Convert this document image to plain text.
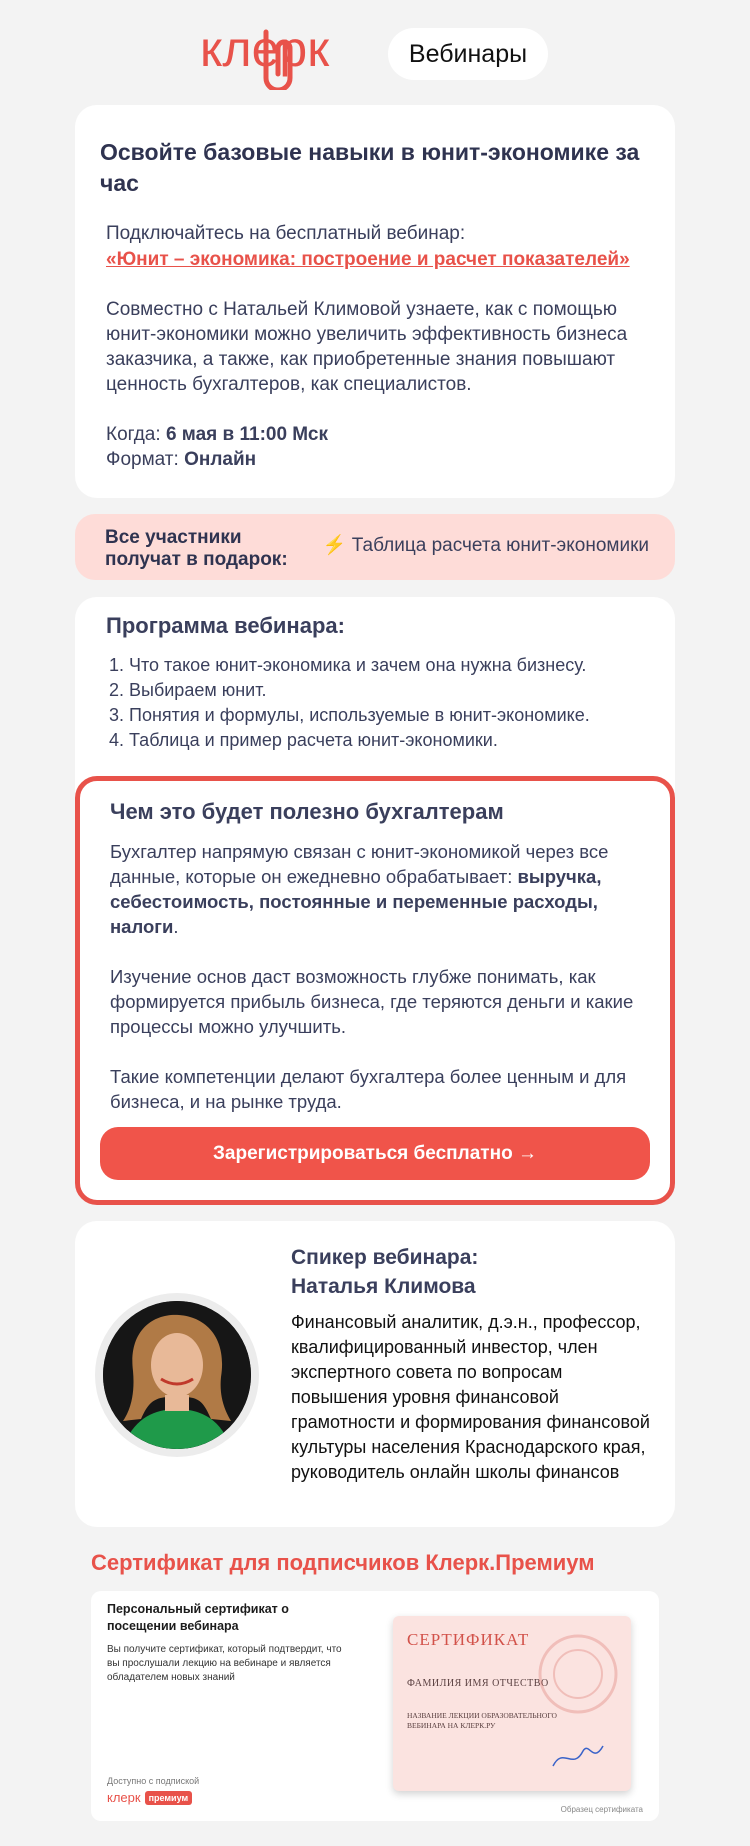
клерк	Вебинары
Освойте базовые навыки в юнит-экономике за час
Подключайтесь на бесплатный вебинар:
«Юнит – экономика: построение и расчет показателей»
Совместно с Натальей Климовой узнаете, как с помощью юнит-экономики можно увеличить эффективность бизнеса заказчика, а также, как приобретенные знания повышают ценность бухгалтеров, как специалистов.
Когда: 6 мая в 11:00 Мск
Формат: Онлайн
Все участники
получат в подарок:
⚡ Таблица расчета юнит-экономики
Программа вебинара:
1. Что такое юнит-экономика и зачем она нужна бизнесу.
2. Выбираем юнит.
3. Понятия и формулы, используемые в юнит-экономике.
4. Таблица и пример расчета юнит-экономики.
Чем это будет полезно бухгалтерам
Бухгалтер напрямую связан с юнит-экономикой через все данные, которые он ежедневно обрабатывает: выручка, себестоимость, постоянные и переменные расходы, налоги.
Изучение основ даст возможность глубже понимать, как формируется прибыль бизнеса, где теряются деньги и какие процессы можно улучшить.
Такие компетенции делают бухгалтера более ценным и для бизнеса, и на рынке труда.
Зарегистрироваться бесплатно →
Спикер вебинара:
Наталья Климова
Финансовый аналитик, д.э.н., профессор, квалифицированный инвестор, член экспертного совета по вопросам повышения уровня финансовой грамотности и формирования финансовой культуры населения Краснодарского края, руководитель онлайн школы финансов
Сертификат для подписчиков Клерк.Премиум
Персональный сертификат о посещении вебинара
Вы получите сертификат, который подтвердит, что вы прослушали лекцию на вебинаре и является обладателем новых знаний
Доступно с подпиской
клерк премиум
СЕРТИФИКАТ
ФАМИЛИЯ ИМЯ ОТЧЕСТВО
НАЗВАНИЕ ЛЕКЦИИ ОБРАЗОВАТЕЛЬНОГО ВЕБИНАРА НА КЛЕРК.РУ
Образец сертификата
